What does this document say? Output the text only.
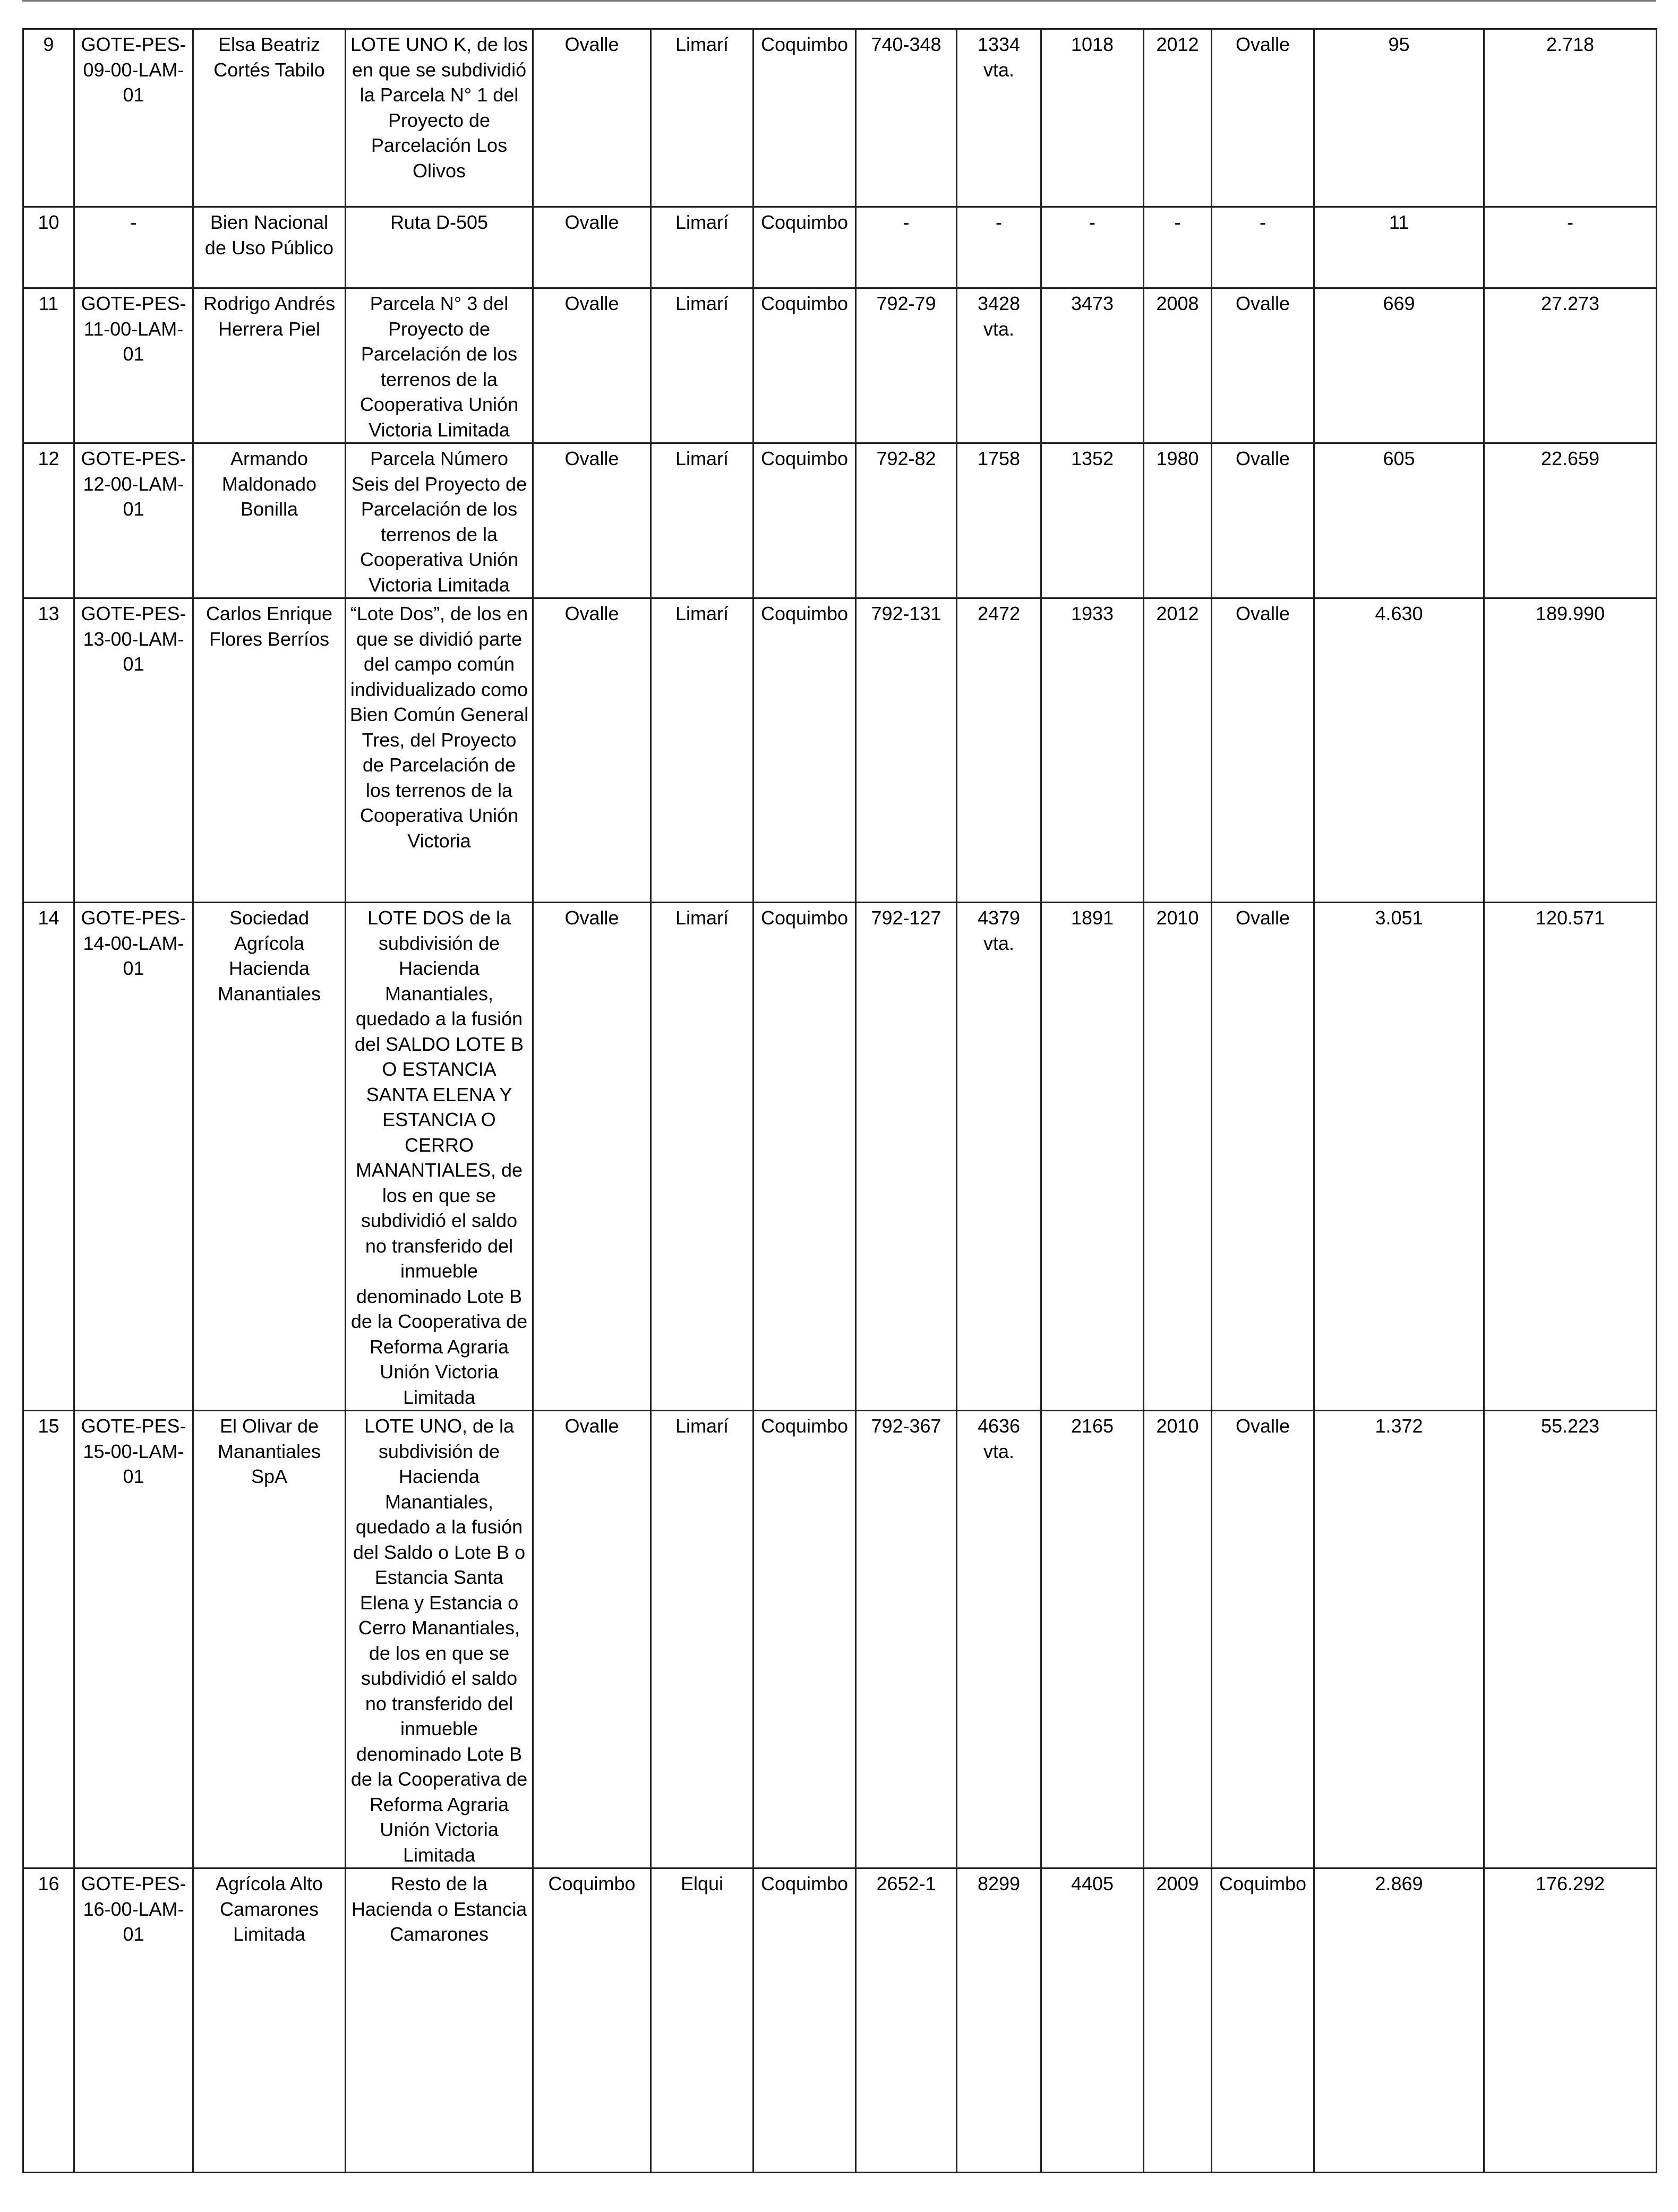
9	GOTE-PES-09-00-LAM-01	Elsa Beatriz Cortés Tabilo	LOTE UNO K, de los en que se subdividió la Parcela N° 1 del Proyecto de Parcelación Los Olivos	Ovalle	Limarí	Coquimbo	740-348	1334 vta.	1018	2012	Ovalle	95	2.718
10	-	Bien Nacional de Uso Público	Ruta D-505	Ovalle	Limarí	Coquimbo	-	-	-	-	-	11	-
11	GOTE-PES-11-00-LAM-01	Rodrigo Andrés Herrera Piel	Parcela N° 3 del Proyecto de Parcelación de los terrenos de la Cooperativa Unión Victoria Limitada	Ovalle	Limarí	Coquimbo	792-79	3428 vta.	3473	2008	Ovalle	669	27.273
12	GOTE-PES-12-00-LAM-01	Armando Maldonado Bonilla	Parcela Número Seis del Proyecto de Parcelación de los terrenos de la Cooperativa Unión Victoria Limitada	Ovalle	Limarí	Coquimbo	792-82	1758	1352	1980	Ovalle	605	22.659
13	GOTE-PES-13-00-LAM-01	Carlos Enrique Flores Berríos	“Lote Dos”, de los en que se dividió parte del campo común individualizado como Bien Común General Tres, del Proyecto de Parcelación de los terrenos de la Cooperativa Unión Victoria	Ovalle	Limarí	Coquimbo	792-131	2472	1933	2012	Ovalle	4.630	189.990
14	GOTE-PES-14-00-LAM-01	Sociedad Agrícola Hacienda Manantiales	LOTE DOS de la subdivisión de Hacienda Manantiales, quedado a la fusión del SALDO LOTE B O ESTANCIA SANTA ELENA Y ESTANCIA O CERRO MANANTIALES, de los en que se subdividió el saldo no transferido del inmueble denominado Lote B de la Cooperativa de Reforma Agraria Unión Victoria Limitada	Ovalle	Limarí	Coquimbo	792-127	4379 vta.	1891	2010	Ovalle	3.051	120.571
15	GOTE-PES-15-00-LAM-01	El Olivar de Manantiales SpA	LOTE UNO, de la subdivisión de Hacienda Manantiales, quedado a la fusión del Saldo o Lote B o Estancia Santa Elena y Estancia o Cerro Manantiales, de los en que se subdividió el saldo no transferido del inmueble denominado Lote B de la Cooperativa de Reforma Agraria Unión Victoria Limitada	Ovalle	Limarí	Coquimbo	792-367	4636 vta.	2165	2010	Ovalle	1.372	55.223
16	GOTE-PES-16-00-LAM-01	Agrícola Alto Camarones Limitada	Resto de la Hacienda o Estancia Camarones	Coquimbo	Elqui	Coquimbo	2652-1	8299	4405	2009	Coquimbo	2.869	176.292
